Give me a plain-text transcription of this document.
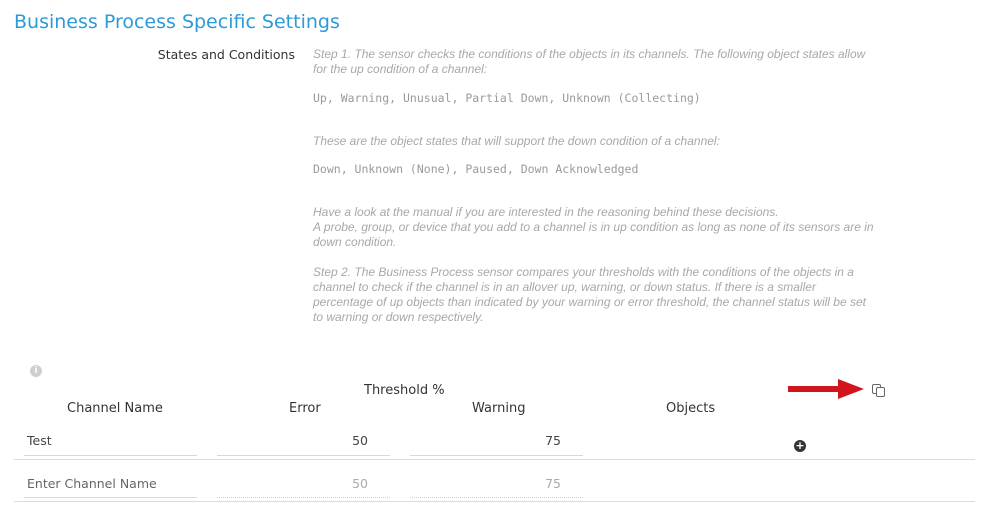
Business Process Specific Settings
States and Conditions Step 1. The sensor checks the conditions of the objects in its channels. The following object states allow for the up condition of a channel:
Up, Warning, Unusual, Partial Down, Unknown (Collecting)
These are the object states that will support the down condition of a channel:
Down, Unknown (None), Paused, Down Acknowledged
Have a look at the manual if you are interested in the reasoning behind these decisions.
A probe, group, or device that you add to a channel is in up condition as long as none of its sensors are in down condition.
Step 2. The Business Process sensor compares your thresholds with the conditions of the objects in a channel to check if the channel is in an allover up, warning, or down status. If there is a smaller percentage of up objects than indicated by your warning or error threshold, the channel status will be set to warning or down respectively.
i
Threshold %
Channel Name	Error	Warning	Objects
Test	50	75	+
Enter Channel Name	50	75
